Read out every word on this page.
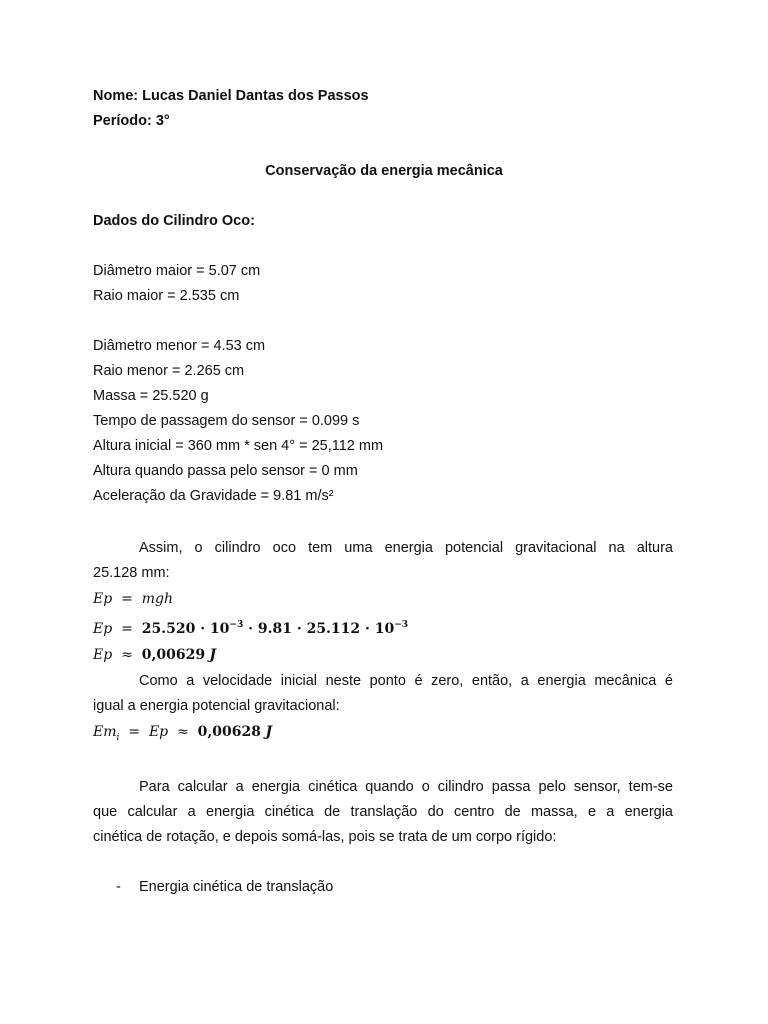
Nome: Lucas Daniel Dantas dos Passos
Período: 3°
Conservação da energia mecânica
Dados do Cilindro Oco:
Diâmetro maior = 5.07 cm
Raio maior = 2.535 cm
Diâmetro menor = 4.53 cm
Raio menor = 2.265 cm
Massa = 25.520 g
Tempo de passagem do sensor = 0.099 s
Altura inicial = 360 mm * sen 4° = 25,112 mm
Altura quando passa pelo sensor = 0 mm
Aceleração da Gravidade = 9.81 m/s²
Assim, o cilindro oco tem uma energia potencial gravitacional na altura
25.128 mm:
Ep = mgh
$Ep = 25.520 \cdot 10^{-3} \cdot 9.81 \cdot 25.112 \cdot 10^{-3}$
Ep ≈ 0,00629 J
Como a velocidade inicial neste ponto é zero, então, a energia mecânica é
igual a energia potencial gravitacional:
$Em_i = Ep \approx 0,00628$ J
Para calcular a energia cinética quando o cilindro passa pelo sensor, tem-se
que calcular a energia cinética de translação do centro de massa, e a energia
cinética de rotação, e depois somá-las, pois se trata de um corpo rígido:
- Energia cinética de translação
